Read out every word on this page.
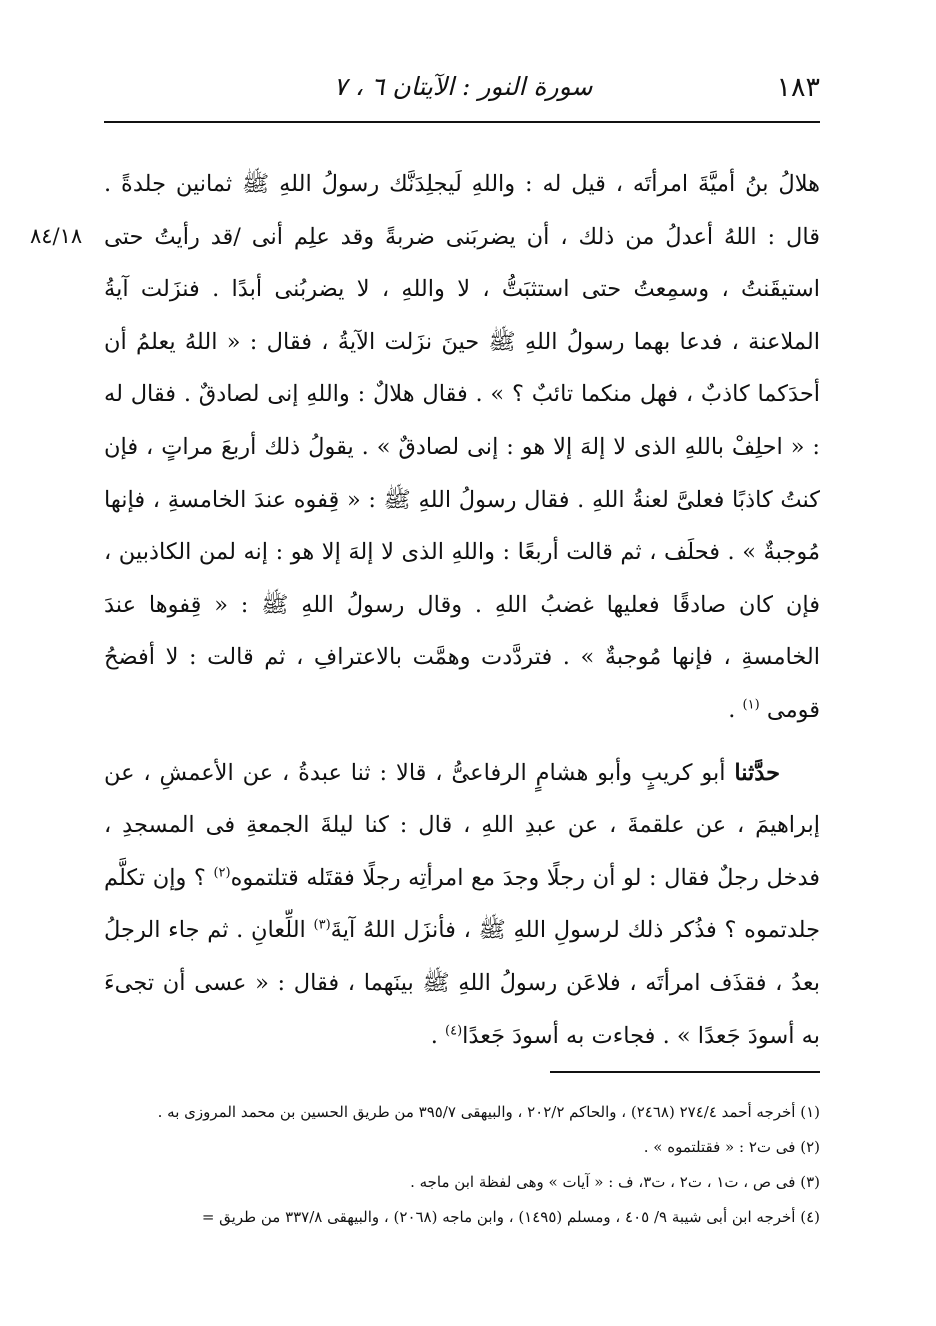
١٨٣
سورة النور : الآيتان ٦ ، ٧
٨٤/١٨

هلالُ بنُ أميَّةَ امرأتَه ، قيل له : واللهِ لَيجلِدَنَّك رسولُ اللهِ ﷺ ثمانين جلدةً . قال : اللهُ أعدلُ من ذلك ، أن يضربَنى ضربةً وقد علِم أنى /قد رأيتُ حتى استيقَنتُ ، وسمِعتُ حتى استثبَتُّ ، لا واللهِ ، لا يضربُنى أبدًا . فنزَلت آيةُ الملاعنة ، فدعا بهما رسولُ اللهِ ﷺ حينَ نزَلت الآيةُ ، فقال : « اللهُ يعلمُ أن أحدَكما كاذبٌ ، فهل منكما تائبٌ ؟ » . فقال هلالٌ : واللهِ إنى لصادقٌ . فقال له : « احلِفْ باللهِ الذى لا إلهَ إلا هو : إنى لصادقٌ » . يقولُ ذلك أربعَ مراتٍ ، فإن كنتُ كاذبًا فعلىَّ لعنةُ اللهِ . فقال رسولُ اللهِ ﷺ : « قِفوه عندَ الخامسةِ ، فإنها مُوجبةٌ » . فحلَف ، ثم قالت أربعًا : واللهِ الذى لا إلهَ إلا هو : إنه لمن الكاذبين ، فإن كان صادقًا فعليها غضبُ اللهِ . وقال رسولُ اللهِ ﷺ : « قِفوها عندَ الخامسةِ ، فإنها مُوجبةٌ » . فتردَّدت وهمَّت بالاعترافِ ، ثم قالت : لا أفضحُ قومى $^{(١)}$ .

حدَّثنا أبو كريبٍ وأبو هشامٍ الرفاعىُّ ، قالا : ثنا عبدةُ ، عن الأعمشِ ، عن إبراهيمَ ، عن علقمةَ ، عن عبدِ اللهِ ، قال : كنا ليلةَ الجمعةِ فى المسجدِ ، فدخل رجلٌ فقال : لو أن رجلًا وجدَ مع امرأتِه رجلًا فقتَله قتلتموه$^{(٢)}$ ؟ وإن تكلَّم جلدتموه ؟ فذُكر ذلك لرسولِ اللهِ ﷺ ، فأنزَل اللهُ آيةَ$^{(٣)}$ اللِّعانِ . ثم جاء الرجلُ بعدُ ، فقذَف امرأتَه ، فلاعَن رسولُ اللهِ ﷺ بينَهما ، فقال : « عسى أن تجىءَ به أسودَ جَعدًا » . فجاءت به أسودَ جَعدًا$^{(٤)}$ .

(١) أخرجه أحمد ٢٧٤/٤ (٢٤٦٨) ، والحاكم ٢٠٢/٢ ، والبيهقى ٣٩٥/٧ من طريق الحسين بن محمد المروزى به .

(٢) فى ت٢ : « فقتلتموه » .

(٣) فى ص ، ت١ ، ت٢ ، ت٣، ف : « آيات » وهى لفظة ابن ماجه .

(٤) أخرجه ابن أبى شيبة ٩/ ٤٠٥ ، ومسلم (١٤٩٥) ، وابن ماجه (٢٠٦٨) ، والبيهقى ٣٣٧/٨ من طريق =
